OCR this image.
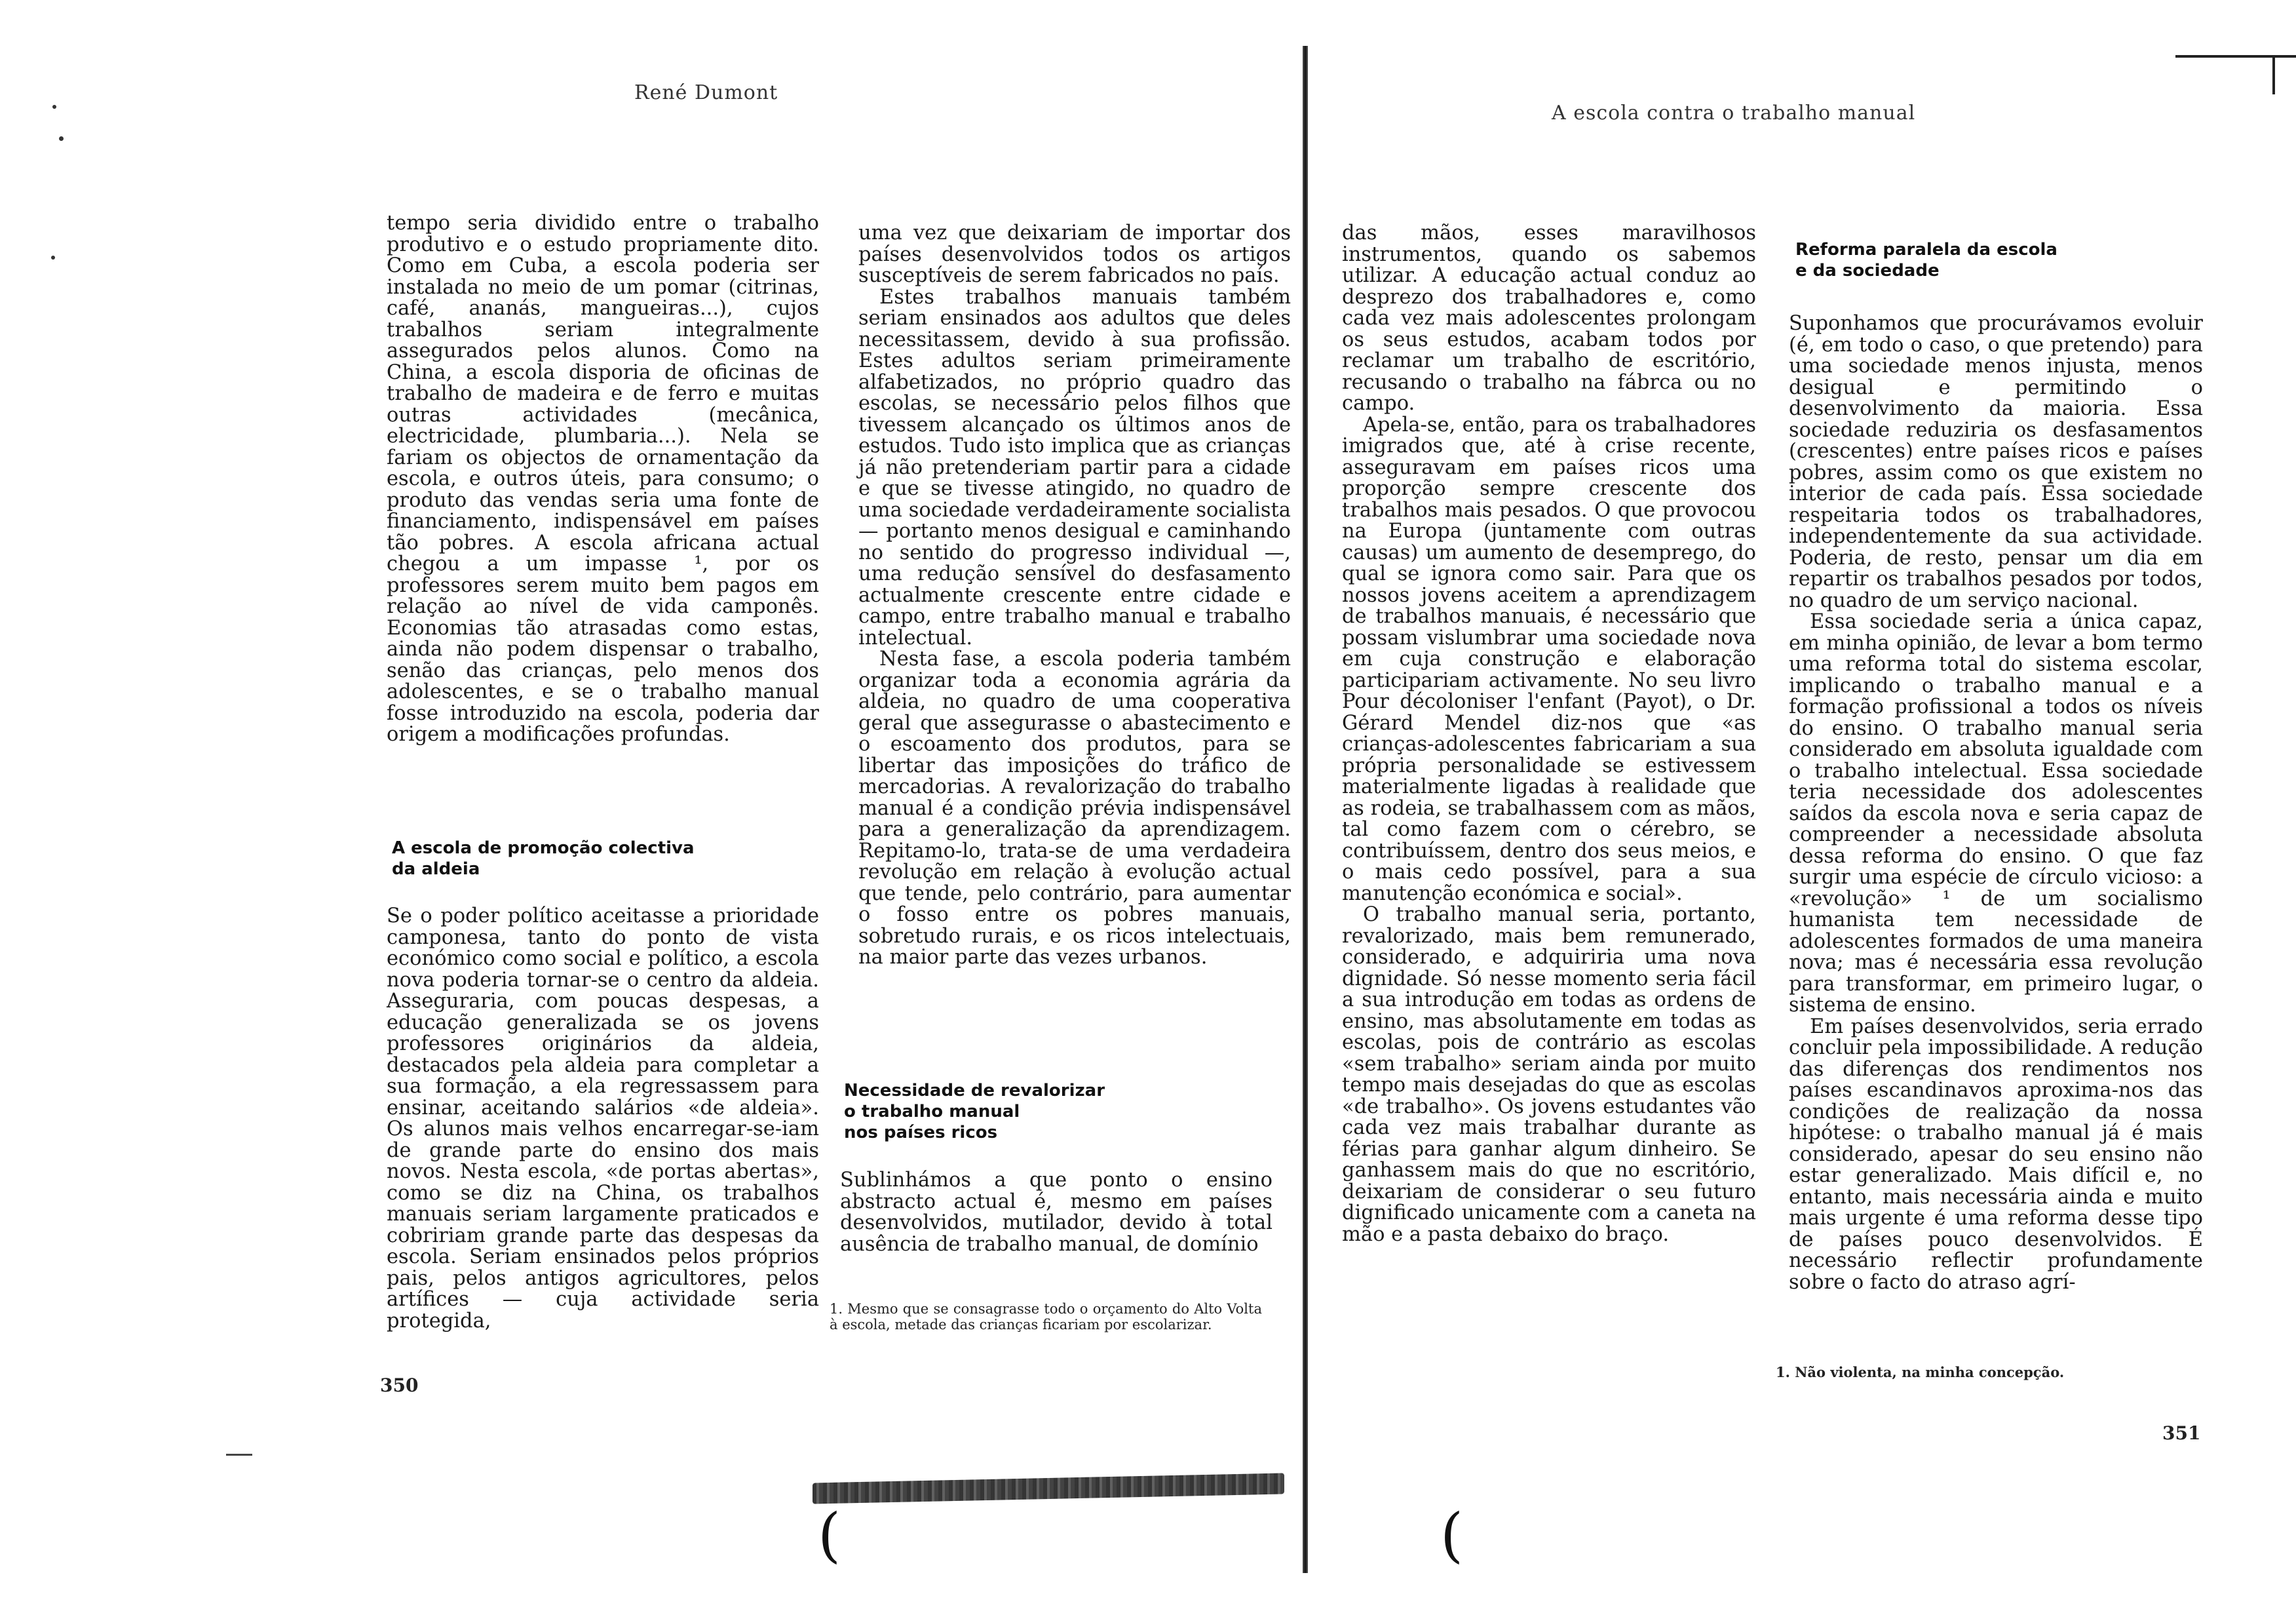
(	(
René Dumont

tempo seria dividido entre o trabalho produtivo e o estudo propriamente dito. Como em Cuba, a escola poderia ser instalada no meio de um pomar (citrinas, café, ananás, mangueiras...), cujos trabalhos seriam integralmente assegurados pelos alunos. Como na China, a escola disporia de oficinas de trabalho de madeira e de ferro e muitas outras actividades (mecânica, electricidade, plumbaria...). Nela se fariam os objectos de ornamentação da escola, e outros úteis, para consumo; o produto das vendas seria uma fonte de financiamento, indispensável em países tão pobres. A escola africana actual chegou a um impasse ¹, por os professores serem muito bem pagos em relação ao nível de vida camponês. Economias tão atrasadas como estas, ainda não podem dispensar o trabalho, senão das crianças, pelo menos dos adolescentes, e se o trabalho manual fosse introduzido na escola, poderia dar origem a modificações profundas.

A escola de promoção colectiva
da aldeia

Se o poder político aceitasse a prioridade camponesa, tanto do ponto de vista económico como social e político, a escola nova poderia tornar-se o centro da aldeia. Asseguraria, com poucas despesas, a educação generalizada se os jovens professores originários da aldeia, destacados pela aldeia para completar a sua formação, a ela regressassem para ensinar, aceitando salários «de aldeia». Os alunos mais velhos encarregar-se-iam de grande parte do ensino dos mais novos. Nesta escola, «de portas abertas», como se diz na China, os trabalhos manuais seriam largamente praticados e cobririam grande parte das despesas da escola. Seriam ensinados pelos próprios pais, pelos antigos agricultores, pelos artífices — cuja actividade seria protegida,

uma vez que deixariam de importar dos países desenvolvidos todos os artigos susceptíveis de serem fabricados no país.

Estes trabalhos manuais também seriam ensinados aos adultos que deles necessitassem, devido à sua profissão. Estes adultos seriam primeiramente alfabetizados, no próprio quadro das escolas, se necessário pelos filhos que tivessem alcançado os últimos anos de estudos. Tudo isto implica que as crianças já não pretenderiam partir para a cidade e que se tivesse atingido, no quadro de uma sociedade verdadeiramente socialista — portanto menos desigual e caminhando no sentido do progresso individual —, uma redução sensível do desfasamento actualmente crescente entre cidade e campo, entre trabalho manual e trabalho intelectual.

Nesta fase, a escola poderia também organizar toda a economia agrária da aldeia, no quadro de uma cooperativa geral que assegurasse o abastecimento e o escoamento dos produtos, para se libertar das imposições do tráfico de mercadorias. A revalorização do trabalho manual é a condição prévia indispensável para a generalização da aprendizagem. Repitamo-lo, trata-se de uma verdadeira revolução em relação à evolução actual que tende, pelo contrário, para aumentar o fosso entre os pobres manuais, sobretudo rurais, e os ricos intelectuais, na maior parte das vezes urbanos.

Necessidade de revalorizar
o trabalho manual
nos países ricos

Sublinhámos a que ponto o ensino abstracto actual é, mesmo em países desenvolvidos, mutilador, devido à total ausência de trabalho manual, de domínio

1. Mesmo que se consagrasse todo o orçamento do Alto Volta à escola, metade das crianças ficariam por escolarizar.
350
A escola contra o trabalho manual

das mãos, esses maravilhosos instrumentos, quando os sabemos utilizar. A educação actual conduz ao desprezo dos trabalhadores e, como cada vez mais adolescentes prolongam os seus estudos, acabam todos por reclamar um trabalho de escritório, recusando o trabalho na fábrca ou no campo.

Apela-se, então, para os trabalhadores imigrados que, até à crise recente, asseguravam em países ricos uma proporção sempre crescente dos trabalhos mais pesados. O que provocou na Europa (juntamente com outras causas) um aumento de desemprego, do qual se ignora como sair. Para que os nossos jovens aceitem a aprendizagem de trabalhos manuais, é necessário que possam vislumbrar uma sociedade nova em cuja construção e elaboração participariam activamente. No seu livro Pour décoloniser l'enfant (Payot), o Dr. Gérard Mendel diz-nos que «as crianças-adolescentes fabricariam a sua própria personalidade se estivessem materialmente ligadas à realidade que as rodeia, se trabalhassem com as mãos, tal como fazem com o cérebro, se contribuíssem, dentro dos seus meios, e o mais cedo possível, para a sua manutenção económica e social».

O trabalho manual seria, portanto, revalorizado, mais bem remunerado, considerado, e adquiriria uma nova dignidade. Só nesse momento seria fácil a sua introdução em todas as ordens de ensino, mas absolutamente em todas as escolas, pois de contrário as escolas «sem trabalho» seriam ainda por muito tempo mais desejadas do que as escolas «de trabalho». Os jovens estudantes vão cada vez mais trabalhar durante as férias para ganhar algum dinheiro. Se ganhassem mais do que no escritório, deixariam de considerar o seu futuro dignificado unicamente com a caneta na mão e a pasta debaixo do braço.

Reforma paralela da escola
e da sociedade

Suponhamos que procurávamos evoluir (é, em todo o caso, o que pretendo) para uma sociedade menos injusta, menos desigual e permitindo o desenvolvimento da maioria. Essa sociedade reduziria os desfasamentos (crescentes) entre países ricos e países pobres, assim como os que existem no interior de cada país. Essa sociedade respeitaria todos os trabalhadores, independentemente da sua actividade. Poderia, de resto, pensar um dia em repartir os trabalhos pesados por todos, no quadro de um serviço nacional.

Essa sociedade seria a única capaz, em minha opinião, de levar a bom termo uma reforma total do sistema escolar, implicando o trabalho manual e a formação profissional a todos os níveis do ensino. O trabalho manual seria considerado em absoluta igualdade com o trabalho intelectual. Essa sociedade teria necessidade dos adolescentes saídos da escola nova e seria capaz de compreender a necessidade absoluta dessa reforma do ensino. O que faz surgir uma espécie de círculo vicioso: a «revolução» ¹ de um socialismo humanista tem necessidade de adolescentes formados de uma maneira nova; mas é necessária essa revolução para transformar, em primeiro lugar, o sistema de ensino.

Em países desenvolvidos, seria errado concluir pela impossibilidade. A redução das diferenças dos rendimentos nos países escandinavos aproxima-nos das condições de realização da nossa hipótese: o trabalho manual já é mais considerado, apesar do seu ensino não estar generalizado. Mais difícil e, no entanto, mais necessária ainda e muito mais urgente é uma reforma desse tipo de países pouco desenvolvidos. É necessário reflectir profundamente sobre o facto do atraso agrí-

1. Não violenta, na minha concepção.
351
